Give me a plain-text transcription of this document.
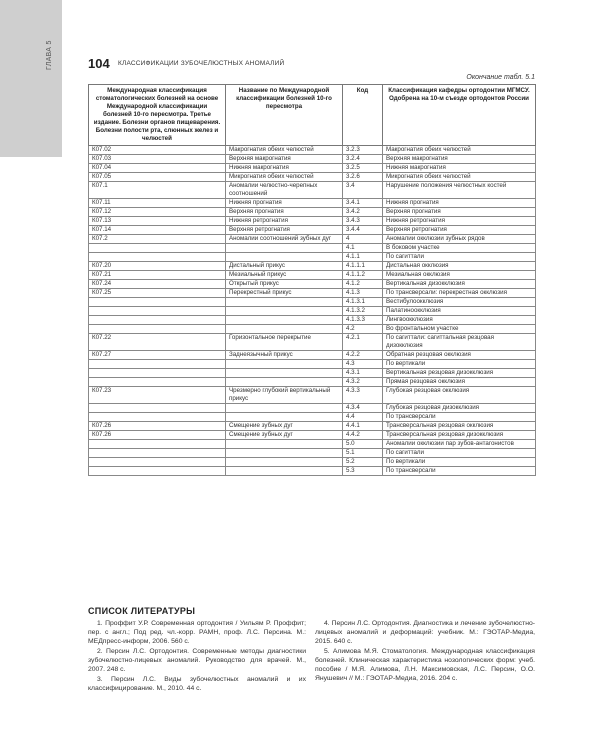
ГЛАВА 5	104 КЛАССИФИКАЦИИ ЗУБОЧЕЛЮСТНЫХ АНОМАЛИЙ
Окончание табл. 5.1
Международная классификация стоматологических болезней на основе Международной классификации болезней 10-го пересмотра. Третье издание. Болезни органов пищеварения. Болезни полости рта, слюнных желез и челюстей	Название по Международной классификации болезней 10-го пересмотра	Код	Классификация кафедры ортодонтии МГМСУ. Одобрена на 10-м съезде ортодонтов России
К07.02	Макрогнатия обеих челюстей	3.2.3	Макрогнатия обеих челюстей
К07.03	Верхняя макрогнатия	3.2.4	Верхняя макрогнатия
К07.04	Нижняя макрогнатия	3.2.5	Нижняя макрогнатия
К07.05	Микрогнатия обеих челюстей	3.2.6	Микрогнатия обеих челюстей
К07.1	Аномалии челюстно-черепных соотношений	3.4	Нарушение положения челюстных костей
К07.11	Нижняя прогнатия	3.4.1	Нижняя прогнатия
К07.12	Верхняя прогнатия	3.4.2	Верхняя прогнатия
К07.13	Нижняя ретрогнатия	3.4.3	Нижняя ретрогнатия
К07.14	Верхняя ретрогнатия	3.4.4	Верхняя ретрогнатия
К07.2	Аномалии соотношений зубных дуг	4	Аномалии окклюзии зубных рядов
		4.1	В боковом участке
		4.1.1	По сагиттали
К07.20	Дистальный прикус	4.1.1.1	Дистальная окклюзия
К07.21	Мезиальный прикус	4.1.1.2	Мезиальная окклюзия
К07.24	Открытый прикус	4.1.2	Вертикальная дизокклюзия
К07.25	Перекрестный прикус	4.1.3	По трансверсали: перекрестная окклюзия
		4.1.3.1	Вестибулоокклюзия
		4.1.3.2	Палатиноокклюзия
		4.1.3.3	Лингвоокклюзия
		4.2	Во фронтальном участке
К07.22	Горизонтальное перекрытие	4.2.1	По сагиттали: сагиттальная резцовая дизокклюзия
К07.27	Заднеязычный прикус	4.2.2	Обратная резцовая окклюзия
		4.3	По вертикали
		4.3.1	Вертикальная резцовая дизокклюзия
		4.3.2	Прямая резцовая окклюзия
К07.23	Чрезмерно глубокий вертикальный прикус	4.3.3	Глубокая резцовая окклюзия
		4.3.4	Глубокая резцовая дизокклюзия
		4.4	По трансверсали
К07.26	Смещение зубных дуг	4.4.1	Трансверсальная резцовая окклюзия
К07.26	Смещение зубных дуг	4.4.2	Трансверсальная резцовая дизокклюзия
		5.0	Аномалии окклюзии пар зубов-антагонистов
		5.1	По сагиттали
		5.2	По вертикали
		5.3	По трансверсали
СПИСОК ЛИТЕРАТУРЫ

1. Проффит У.Р. Современная ортодонтия / Уильям Р. Проффит; пер. с англ.; Под ред. чл.-корр. РАМН, проф. Л.С. Персина. М.: МЕДпресс-информ, 2006. 560 с.

2. Персин Л.С. Ортодонтия. Современные методы диагностики зубочелюстно-лицевых аномалий. Руководство для врачей. М., 2007. 248 с.

3. Персин Л.С. Виды зубочелюстных аномалий и их классифицирование. М., 2010. 44 с.

4. Персин Л.С. Ортодонтия. Диагностика и лечение зубочелюстно-лицевых аномалий и деформаций: учебник. М.: ГЭОТАР-Медиа, 2015. 640 с.

5. Алимова М.Я. Стоматология. Международная классификация болезней. Клиническая характеристика нозологических форм: учеб. пособие / М.Я. Алимова, Л.Н. Максимовская, Л.С. Персин, О.О. Янушевич // М.: ГЭОТАР-Медиа, 2016. 204 с.
